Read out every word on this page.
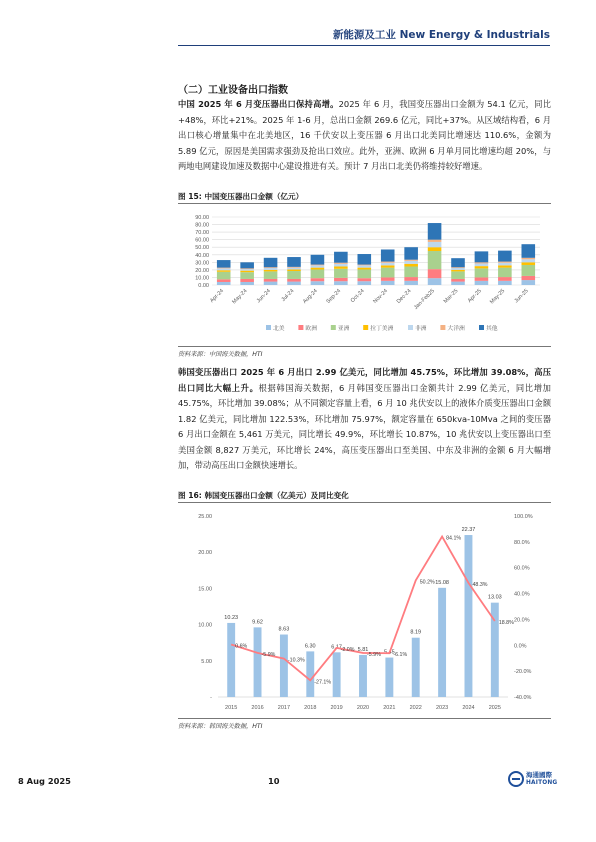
新能源及工业 New Energy & Industrials
（二）工业设备出口指数
中国 2025 年 6 月变压器出口保持高增。2025 年 6 月，我国变压器出口金额为 54.1 亿元，同比+48%，环比+21%。2025 年 1-6 月，总出口金额 269.6 亿元，同比+37%。从区域结构看，6 月出口核心增量集中在北美地区，16 千伏安以上变压器 6 月出口北美同比增速达 110.6%，金额为 5.89 亿元，原因是美国需求强劲及抢出口效应。此外，亚洲、欧洲 6 月单月同比增速均超 20%，与两地电网建设加速及数据中心建设推进有关。预计 7 月出口北美仍将维持较好增速。
图 15: 中国变压器出口金额（亿元）
0.00
10.00
20.00
30.00
40.00
50.00
60.00
70.00
80.00
90.00
Apr-24 May-24 Jun-24 Jul-24 Aug-24 Sep-24 Oct-24 Nov-24 Dec-24 Jan-Feb25 Mar-25 Apr-25 May-25 Jun-25
北美	欧洲	亚洲	拉丁美洲	非洲	大洋洲	其他
资料来源：中国海关数据，HTI
韩国变压器出口 2025 年 6 月出口 2.99 亿美元，同比增加 45.75%，环比增加 39.08%，高压出口同比大幅上升。根据韩国海关数据，6 月韩国变压器出口金额共计 2.99 亿美元，同比增加 45.75%，环比增加 39.08%；从不同额定容量上看，6 月 10 兆伏安以上的液体介质变压器出口金额 1.82 亿美元，同比增加 122.53%，环比增加 75.97%，额定容量在 650kva-10Mva 之间的变压器 6 月出口金额在 5,461 万美元，同比增长 49.9%，环比增长 10.87%，10 兆伏安以上变压器出口至美国金额 8,827 万美元，环比增长 24%，高压变压器出口至美国、中东及非洲的金额 6 月大幅增加，带动高压出口金额快速增长。
图 16: 韩国变压器出口金额（亿美元）及同比变化
-
5.00
10.00
15.00
20.00
25.00
-40.0%
-20.0%
0.0%
20.0%
40.0%
60.0%
80.0%
100.0%
10.23
2015
9.62
2016
8.63
2017
6.30
2018
6.17
2019
5.81
2020
5.45
2021
8.19
2022
15.08
2023
22.37
2024
13.03
2025
0.6%
-5.9%
-10.3%
-27.1%
-2.0%
-5.9% -6.1%
50.2%
84.1%
48.3%
18.8%
资料来源：韩国海关数据，HTI
8 Aug 2025	10
海通國際
HAITONG
